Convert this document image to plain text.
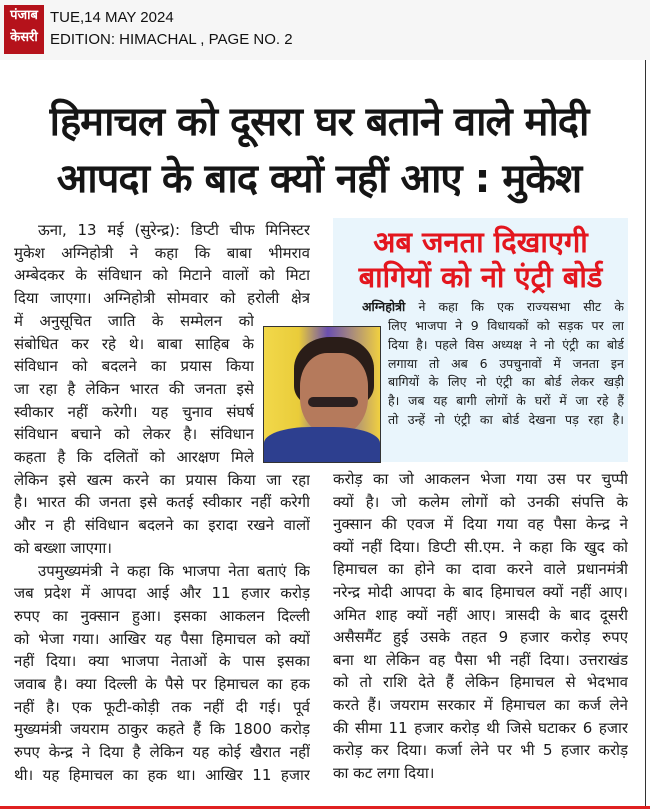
पंजाब
केसरी
TUE,14 MAY 2024
EDITION: HIMACHAL , PAGE NO. 2
हिमाचल को दूसरा घर बताने वाले मोदी
आपदा के बाद क्यों नहीं आए : मुकेश
ऊना, 13 मई (सुरेन्द्र): डिप्टी चीफ मिनिस्टर
मुकेश अग्निहोत्री ने कहा कि बाबा भीमराव
अम्बेदकर के संविधान को मिटाने वालों को मिटा
दिया जाएगा। अग्निहोत्री सोमवार को हरोली क्षेत्र
में अनुसूचित जाति के सम्मेलन को
संबोधित कर रहे थे। बाबा साहिब के
संविधान को बदलने का प्रयास किया
जा रहा है लेकिन भारत की जनता इसे
स्वीकार नहीं करेगी। यह चुनाव संघर्ष
संविधान बचाने को लेकर है। संविधान
कहता है कि दलितों को आरक्षण मिले
लेकिन इसे खत्म करने का प्रयास किया जा रहा
है। भारत की जनता इसे कतई स्वीकार नहीं करेगी
और न ही संविधान बदलने का इरादा रखने वालों
को बख्शा जाएगा।
उपमुख्यमंत्री ने कहा कि भाजपा नेता बताएं कि
जब प्रदेश में आपदा आई और 11 हजार करोड़
रुपए का नुक्सान हुआ। इसका आकलन दिल्ली
को भेजा गया। आखिर यह पैसा हिमाचल को क्यों
नहीं दिया। क्या भाजपा नेताओं के पास इसका
जवाब है। क्या दिल्ली के पैसे पर हिमाचल का हक
नहीं है। एक फूटी-कोड़ी तक नहीं दी गई। पूर्व
मुख्यमंत्री जयराम ठाकुर कहते हैं कि 1800 करोड़
रुपए केन्द्र ने दिया है लेकिन यह कोई खैरात नहीं
थी। यह हिमाचल का हक था। आखिर 11 हजार
अब जनता दिखाएगी
बागियों को नो एंट्री बोर्ड
अग्निहोत्री ने कहा कि एक राज्यसभा सीट के
लिए भाजपा ने 9 विधायकों को सड़क पर ला
दिया है। पहले विस अध्यक्ष ने नो एंट्री का बोर्ड
लगाया तो अब 6 उपचुनावों में जनता इन
बागियों के लिए नो एंट्री का बोर्ड लेकर खड़ी
है। जब यह बागी लोगों के घरों में जा रहे हैं
तो उन्हें नो एंट्री का बोर्ड देखना पड़ रहा है।
करोड़ का जो आकलन भेजा गया उस पर चुप्पी
क्यों है। जो कलेम लोगों को उनकी संपत्ति के
नुक्सान की एवज में दिया गया वह पैसा केन्द्र ने
क्यों नहीं दिया। डिप्टी सी.एम. ने कहा कि खुद को
हिमाचल का होने का दावा करने वाले प्रधानमंत्री
नरेन्द्र मोदी आपदा के बाद हिमाचल क्यों नहीं आए।
अमित शाह क्यों नहीं आए। त्रासदी के बाद दूसरी
असैसमैंट हुई उसके तहत 9 हजार करोड़ रुपए
बना था लेकिन वह पैसा भी नहीं दिया। उत्तराखंड
को तो राशि देते हैं लेकिन हिमाचल से भेदभाव
करते हैं। जयराम सरकार में हिमाचल का कर्ज लेने
की सीमा 11 हजार करोड़ थी जिसे घटाकर 6 हजार
करोड़ कर दिया। कर्जा लेने पर भी 5 हजार करोड़
का कट लगा दिया।
